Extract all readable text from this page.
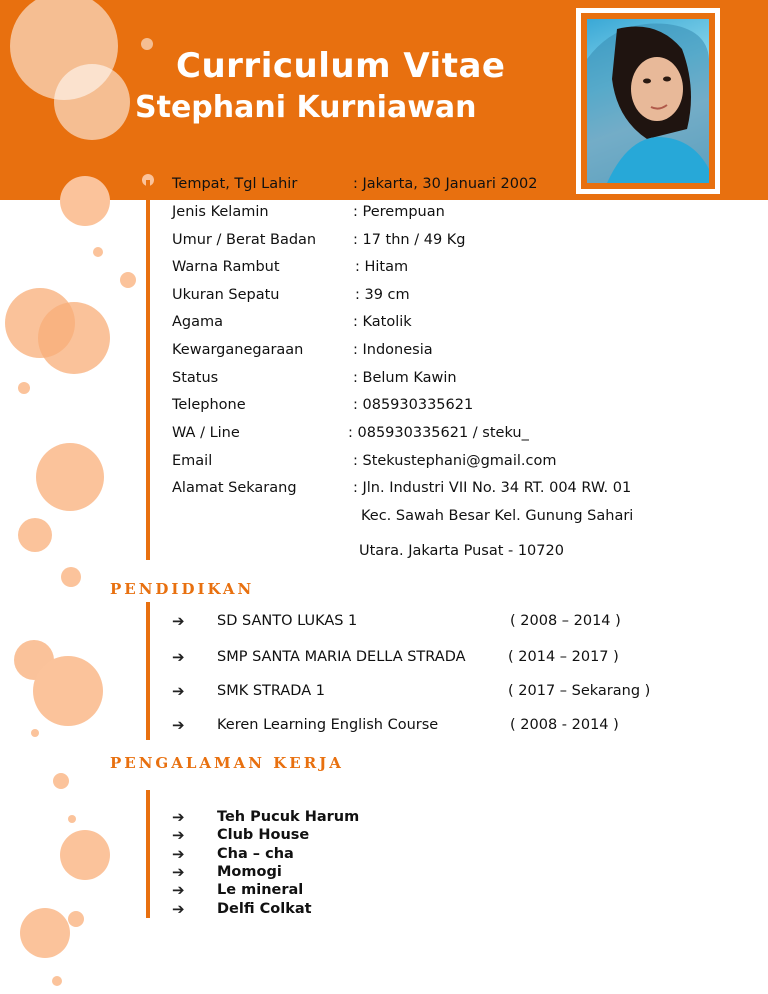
Curriculum Vitae
Stephani Kurniawan
Tempat, Tgl Lahir	: Jakarta, 30 Januari 2002
Jenis Kelamin	: Perempuan
Umur / Berat Badan	: 17 thn / 49 Kg
Warna Rambut	: Hitam
Ukuran Sepatu	: 39 cm
Agama	: Katolik
Kewarganegaraan	: Indonesia
Status	: Belum Kawin
Telephone	: 085930335621
WA / Line	: 085930335621 / steku_
Email	: Stekustephani@gmail.com
Alamat Sekarang	: Jln. Industri VII No. 34 RT. 004 RW. 01
Kec. Sawah Besar Kel. Gunung Sahari
Utara. Jakarta Pusat - 10720
PENDIDIKAN
➔ SD SANTO LUKAS 1	( 2008 – 2014 )
➔ SMP SANTA MARIA DELLA STRADA	( 2014 – 2017 )
➔ SMK STRADA 1	( 2017 – Sekarang )
➔ Keren Learning English Course	( 2008 - 2014 )
PENGALAMAN KERJA
➔ Teh Pucuk Harum
➔ Club House
➔ Cha – cha
➔ Momogi
➔ Le mineral
➔ Delfi Colkat
